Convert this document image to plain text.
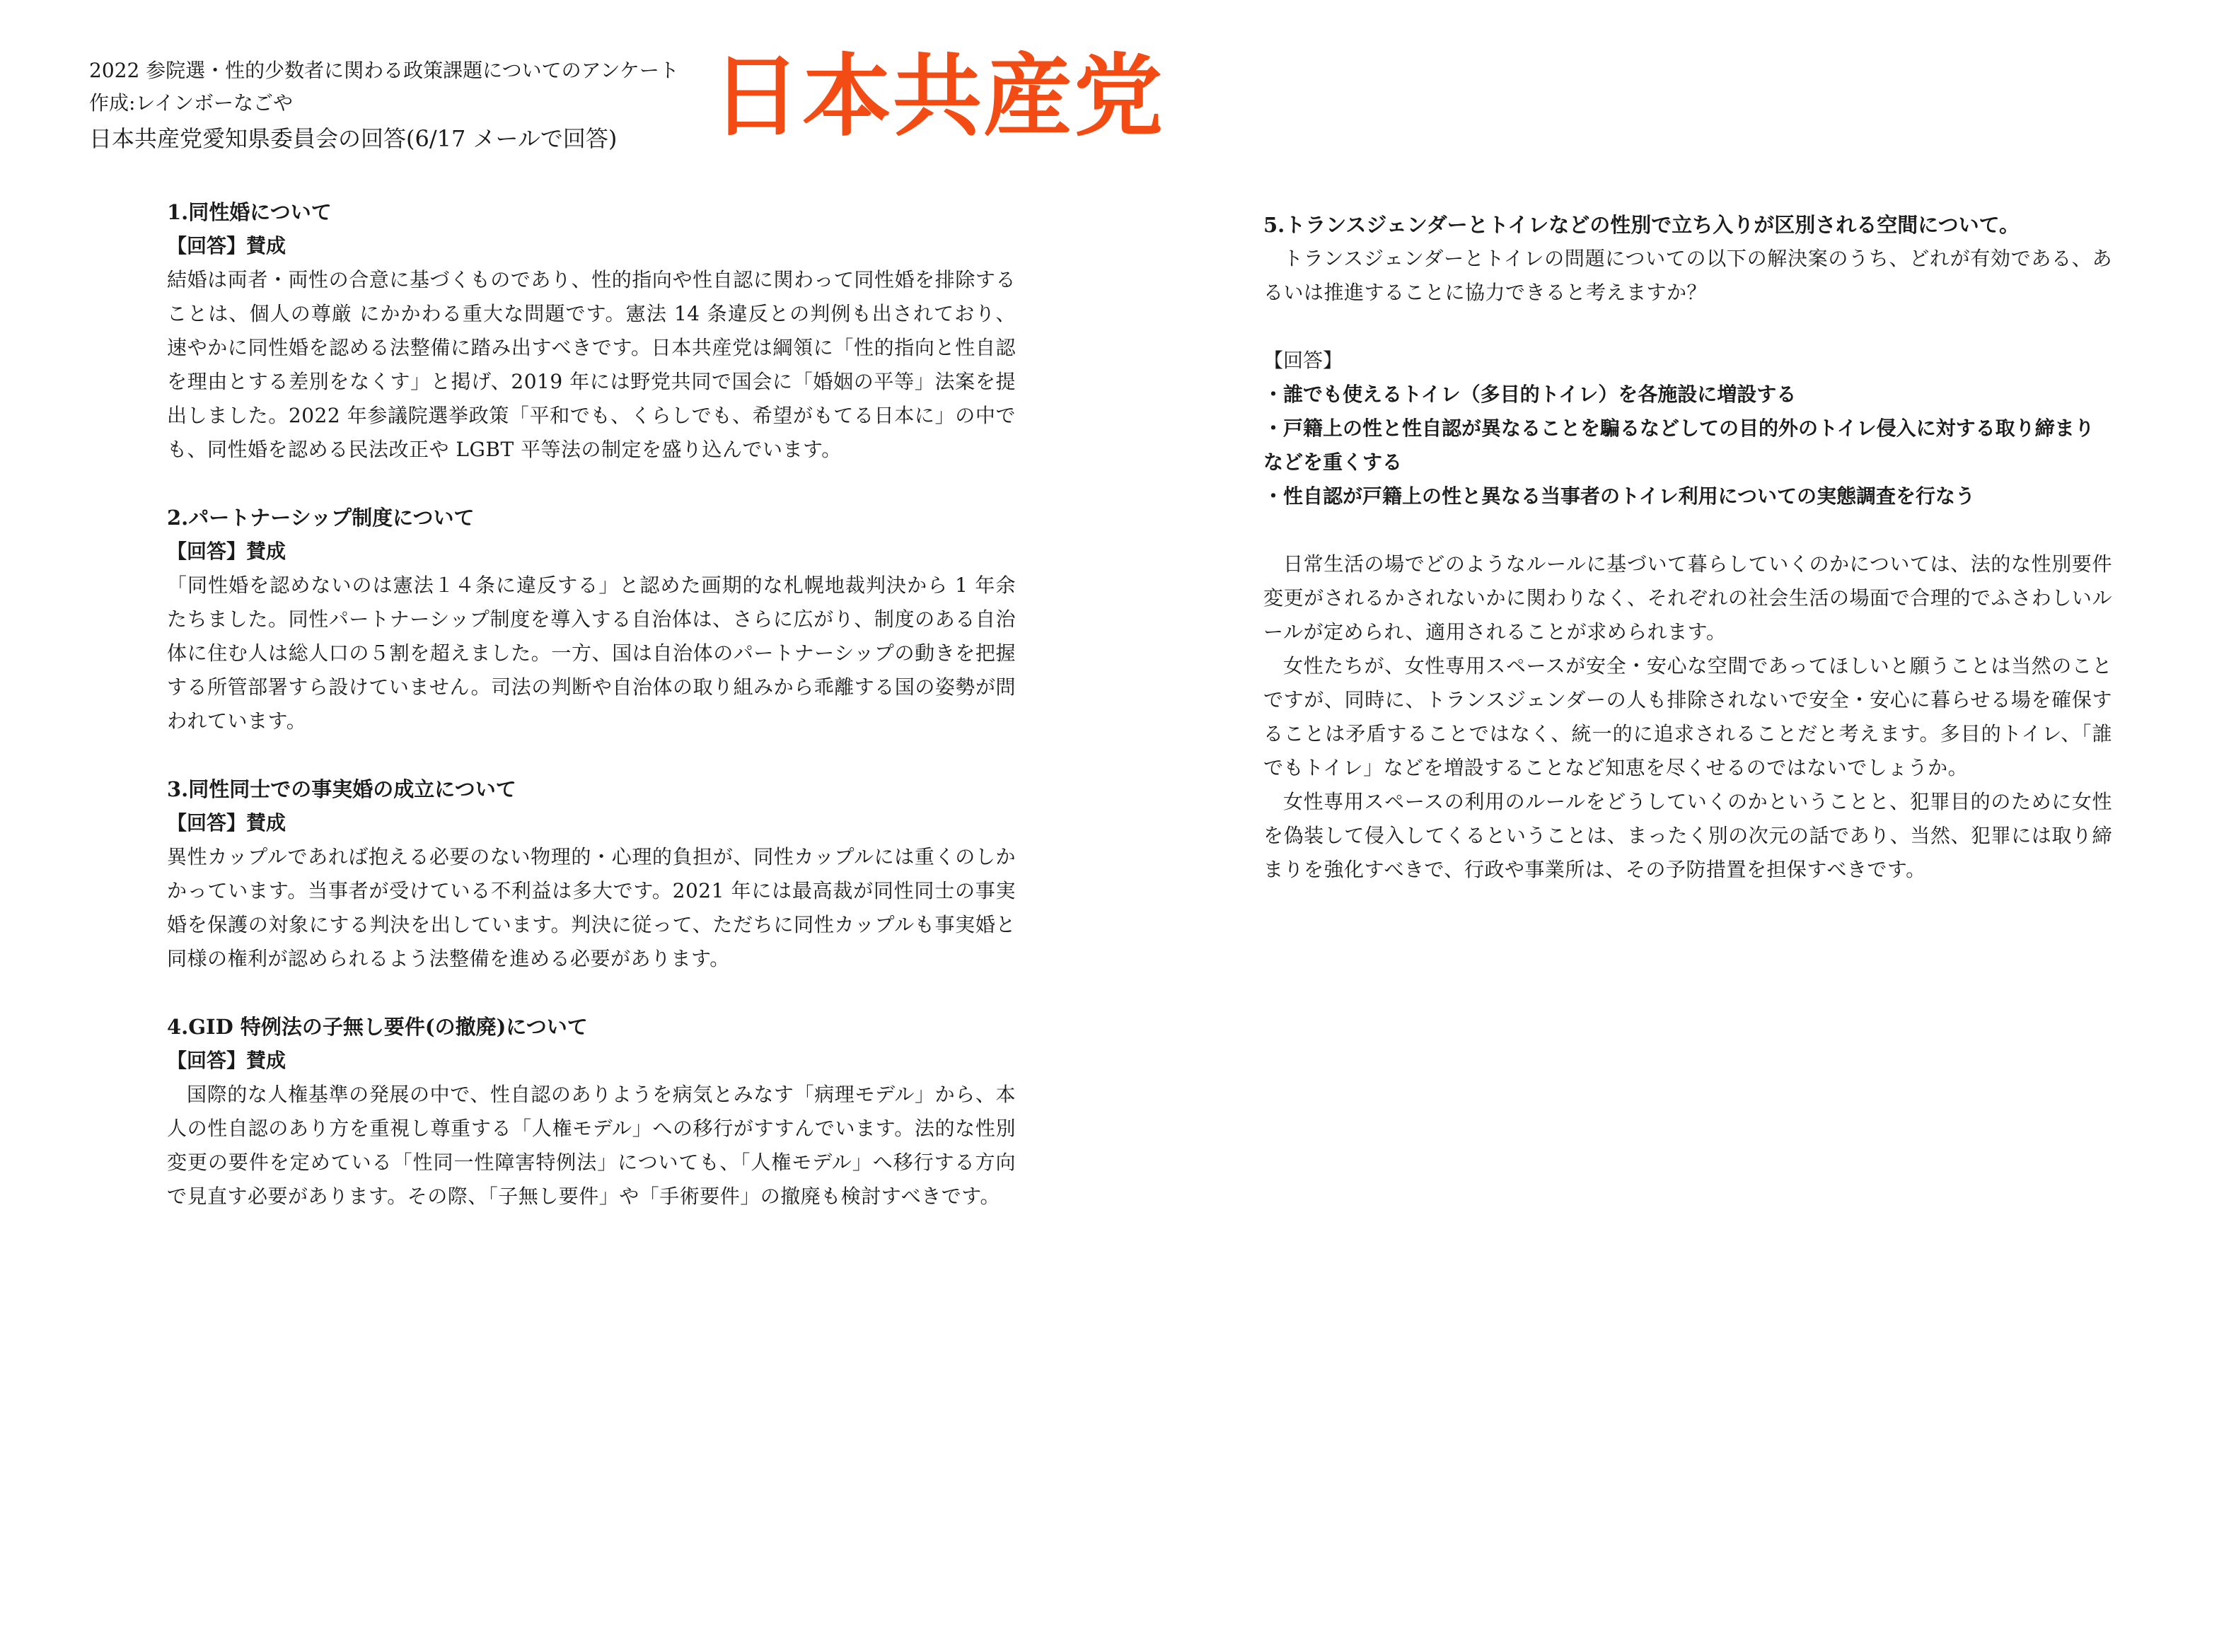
2022 参院選・性的少数者に関わる政策課題についてのアンケート
作成:レインボーなごや
日本共産党愛知県委員会の回答(6/17 メールで回答) 日本共産党

1.同性婚について

【回答】賛成

結婚は両者・両性の合意に基づくものであり、性的指向や性自認に関わって同性婚を排除することは、個人の尊厳 にかかわる重大な問題です。憲法 14 条違反との判例も出されており、速やかに同性婚を認める法整備に踏み出すべきです。日本共産党は綱領に「性的指向と性自認を理由とする差別をなくす」と掲げ、2019 年には野党共同で国会に「婚姻の平等」法案を提出しました。2022 年参議院選挙政策「平和でも、くらしでも、希望がもてる日本に」の中でも、同性婚を認める民法改正や LGBT 平等法の制定を盛り込んでいます。

2.パートナーシップ制度について

【回答】賛成

「同性婚を認めないのは憲法１４条に違反する」と認めた画期的な札幌地裁判決から 1 年余たちました。同性パートナーシップ制度を導入する自治体は、さらに広がり、制度のある自治体に住む人は総人口の５割を超えました。一方、国は自治体のパートナーシップの動きを把握する所管部署すら設けていません。司法の判断や自治体の取り組みから乖離する国の姿勢が問われています。

3.同性同士での事実婚の成立について

【回答】賛成

異性カップルであれば抱える必要のない物理的・心理的負担が、同性カップルには重くのしかかっています。当事者が受けている不利益は多大です。2021 年には最高裁が同性同士の事実婚を保護の対象にする判決を出しています。判決に従って、ただちに同性カップルも事実婚と同様の権利が認められるよう法整備を進める必要があります。

4.GID 特例法の子無し要件(の撤廃)について

【回答】賛成

国際的な人権基準の発展の中で、性自認のありようを病気とみなす「病理モデル」から、本人の性自認のあり方を重視し尊重する「人権モデル」への移行がすすんでいます。法的な性別変更の要件を定めている「性同一性障害特例法」についても、「人権モデル」へ移行する方向で見直す必要があります。その際、「子無し要件」や「手術要件」の撤廃も検討すべきです。

5.トランスジェンダーとトイレなどの性別で立ち入りが区別される空間について。

トランスジェンダーとトイレの問題についての以下の解決案のうち、どれが有効である、あるいは推進することに協力できると考えますか？

【回答】

・誰でも使えるトイレ（多目的トイレ）を各施設に増設する

・戸籍上の性と性自認が異なることを騙るなどしての目的外のトイレ侵入に対する取り締まりなどを重くする

・性自認が戸籍上の性と異なる当事者のトイレ利用についての実態調査を行なう

日常生活の場でどのようなルールに基づいて暮らしていくのかについては、法的な性別要件変更がされるかされないかに関わりなく、それぞれの社会生活の場面で合理的でふさわしいルールが定められ、適用されることが求められます。

女性たちが、女性専用スペースが安全・安心な空間であってほしいと願うことは当然のことですが、同時に、トランスジェンダーの人も排除されないで安全・安心に暮らせる場を確保することは矛盾することではなく、統一的に追求されることだと考えます。多目的トイレ、「誰でもトイレ」などを増設することなど知恵を尽くせるのではないでしょうか。

女性専用スペースの利用のルールをどうしていくのかということと、犯罪目的のために女性を偽装して侵入してくるということは、まったく別の次元の話であり、当然、犯罪には取り締まりを強化すべきで、行政や事業所は、その予防措置を担保すべきです。
